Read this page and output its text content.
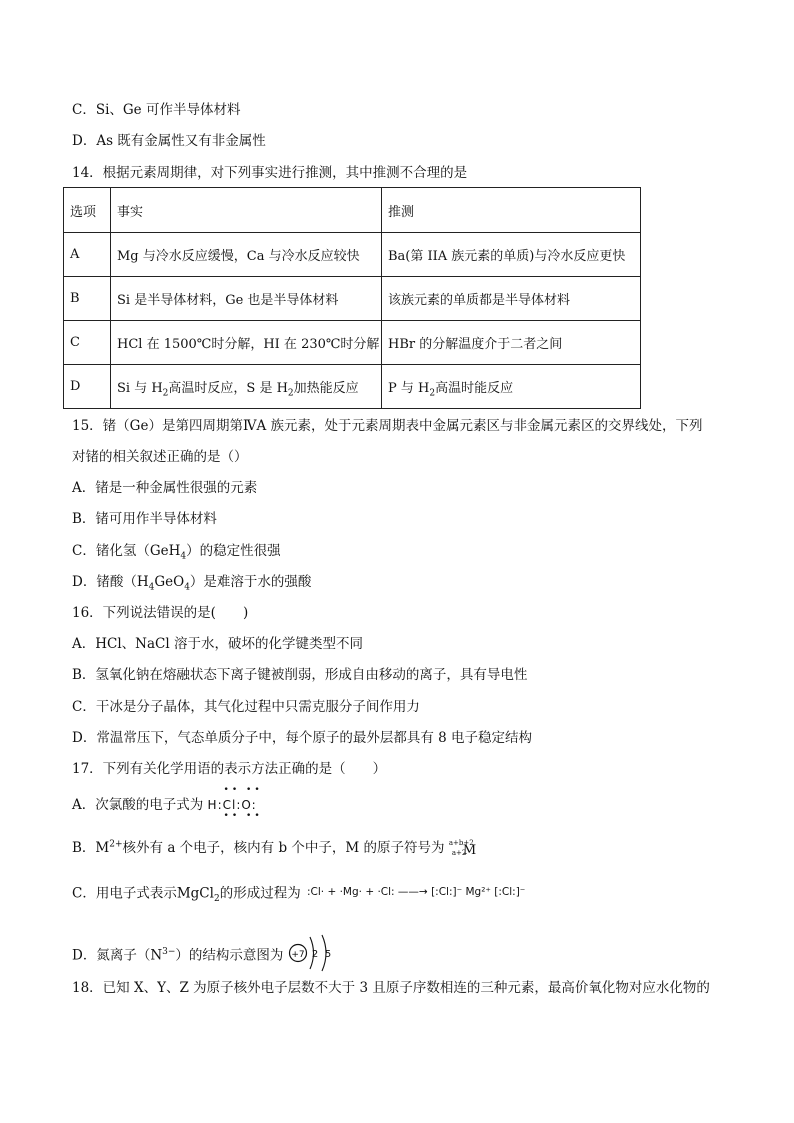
C．Si、Ge 可作半导体材料
D．As 既有金属性又有非金属性
14．根据元素周期律，对下列事实进行推测，其中推测不合理的是
选项	事实	推测
A	Mg 与冷水反应缓慢，Ca 与冷水反应较快	Ba(第 IIA 族元素的单质)与冷水反应更快
B	Si 是半导体材料，Ge 也是半导体材料	该族元素的单质都是半导体材料
C	HCl 在 1500℃时分解，HI 在 230℃时分解	HBr 的分解温度介于二者之间
D	Si 与 $H_2$高温时反应，S 是 $H_2$加热能反应	P 与 $H_2$高温时能反应
15．锗（Ge）是第四周期第ⅣA 族元素，处于元素周期表中金属元素区与非金属元素区的交界线处，下列
对锗的相关叙述正确的是（）
A．锗是一种金属性很强的元素
B．锗可用作半导体材料
C．锗化氢（GeH$_4$）的稳定性很强
D．锗酸$(H_4GeO_4)$是难溶于水的强酸
16．下列说法错误的是(　　)
A．HCl、NaCl 溶于水，破坏的化学键类型不同
B．氢氧化钠在熔融状态下离子键被削弱，形成自由移动的离子，具有导电性
C．干冰是分子晶体，其气化过程中只需克服分子间作用力
D．常温常压下，气态单质分子中，每个原子的最外层都具有 8 电子稳定结构
17．下列有关化学用语的表示方法正确的是（　　）
A．次氯酸的电子式为
•• ••
H:Cl:O:
•• ••
B．$M^{2+}$核外有 a 个电子，核内有 b 个中子，M 的原子符号为 a+b+2
a+2
M
C．用电子式表示MgCl$_2$的形成过程为 :Cl· + ·Mg· + ·Cl: ——→ [:Cl:]⁻ Mg²⁺ [:Cl:]⁻
D．氮离子$(N^{3-})$的结构示意图为 +7 2 5
18．已知 X、Y、Z 为原子核外电子层数不大于 3 且原子序数相连的三种元素，最高价氧化物对应水化物的
